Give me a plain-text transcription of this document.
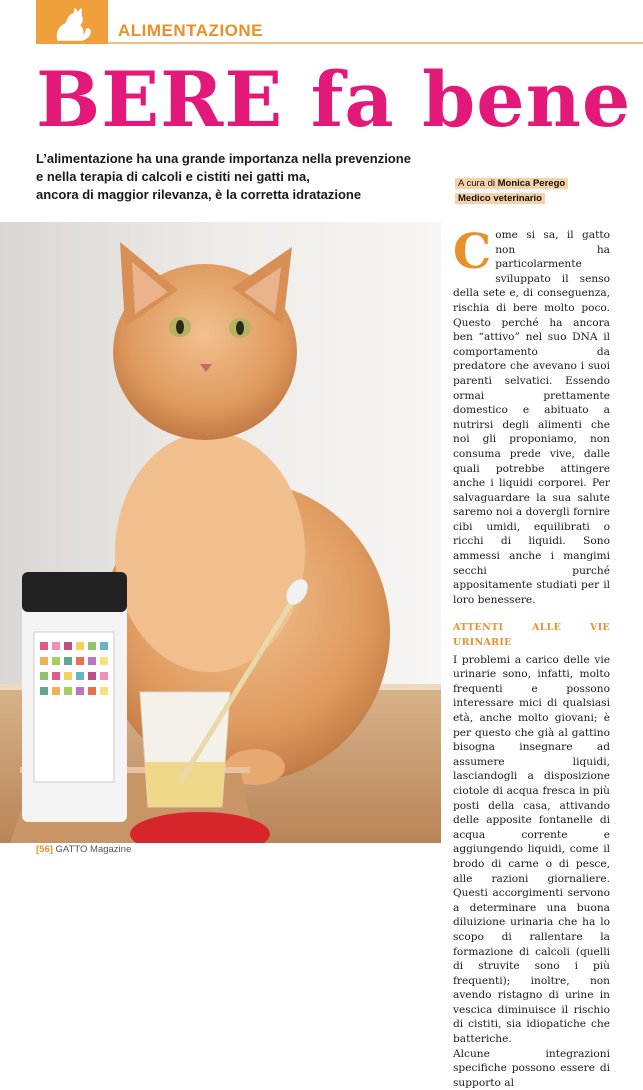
ALIMENTAZIONE
BERE fa bene
L’alimentazione ha una grande importanza nella prevenzione
e nella terapia di calcoli e cistiti nei gatti ma,
ancora di maggior rilevanza, è la corretta idratazione
A cura di Monica Perego
Medico veterinario

Come si sa, il gatto non ha particolarmente sviluppato il senso della sete e, di conseguenza, rischia di bere molto poco. Questo perché ha ancora ben “attivo” nel suo DNA il comportamento da predatore che avevano i suoi parenti selvatici. Essendo ormai prettamente domestico e abituato a nutrirsi degli alimenti che noi gli proponiamo, non consuma prede vive, dalle quali potrebbe attingere anche i liquidi corporei. Per salvaguardare la sua salute saremo noi a dovergli fornire cibi umidi, equilibrati o ricchi di liquidi. Sono ammessi anche i mangimi secchi purché appositamente studiati per il loro benessere.

ATTENTI ALLE VIE URINARIE

I problemi a carico delle vie urinarie sono, infatti, molto frequenti e possono interessare mici di qualsiasi età, anche molto giovani; è per questo che già al gattino bisogna insegnare ad assumere liquidi, lasciandogli a disposizione ciotole di acqua fresca in più posti della casa, attivando delle apposite fontanelle di acqua corrente e aggiungendo liquidi, come il brodo di carne o di pesce, alle razioni giornaliere. Questi accorgimenti servono a determinare una buona diluizione urinaria che ha lo scopo di rallentare la formazione di calcoli (quelli di struvite sono i più frequenti); inoltre, non avendo ristagno di urine in vescica diminuisce il rischio di cistiti, sia idiopatiche che batteriche.

Alcune integrazioni specifiche possono essere di supporto al

[56] GATTO Magazine
